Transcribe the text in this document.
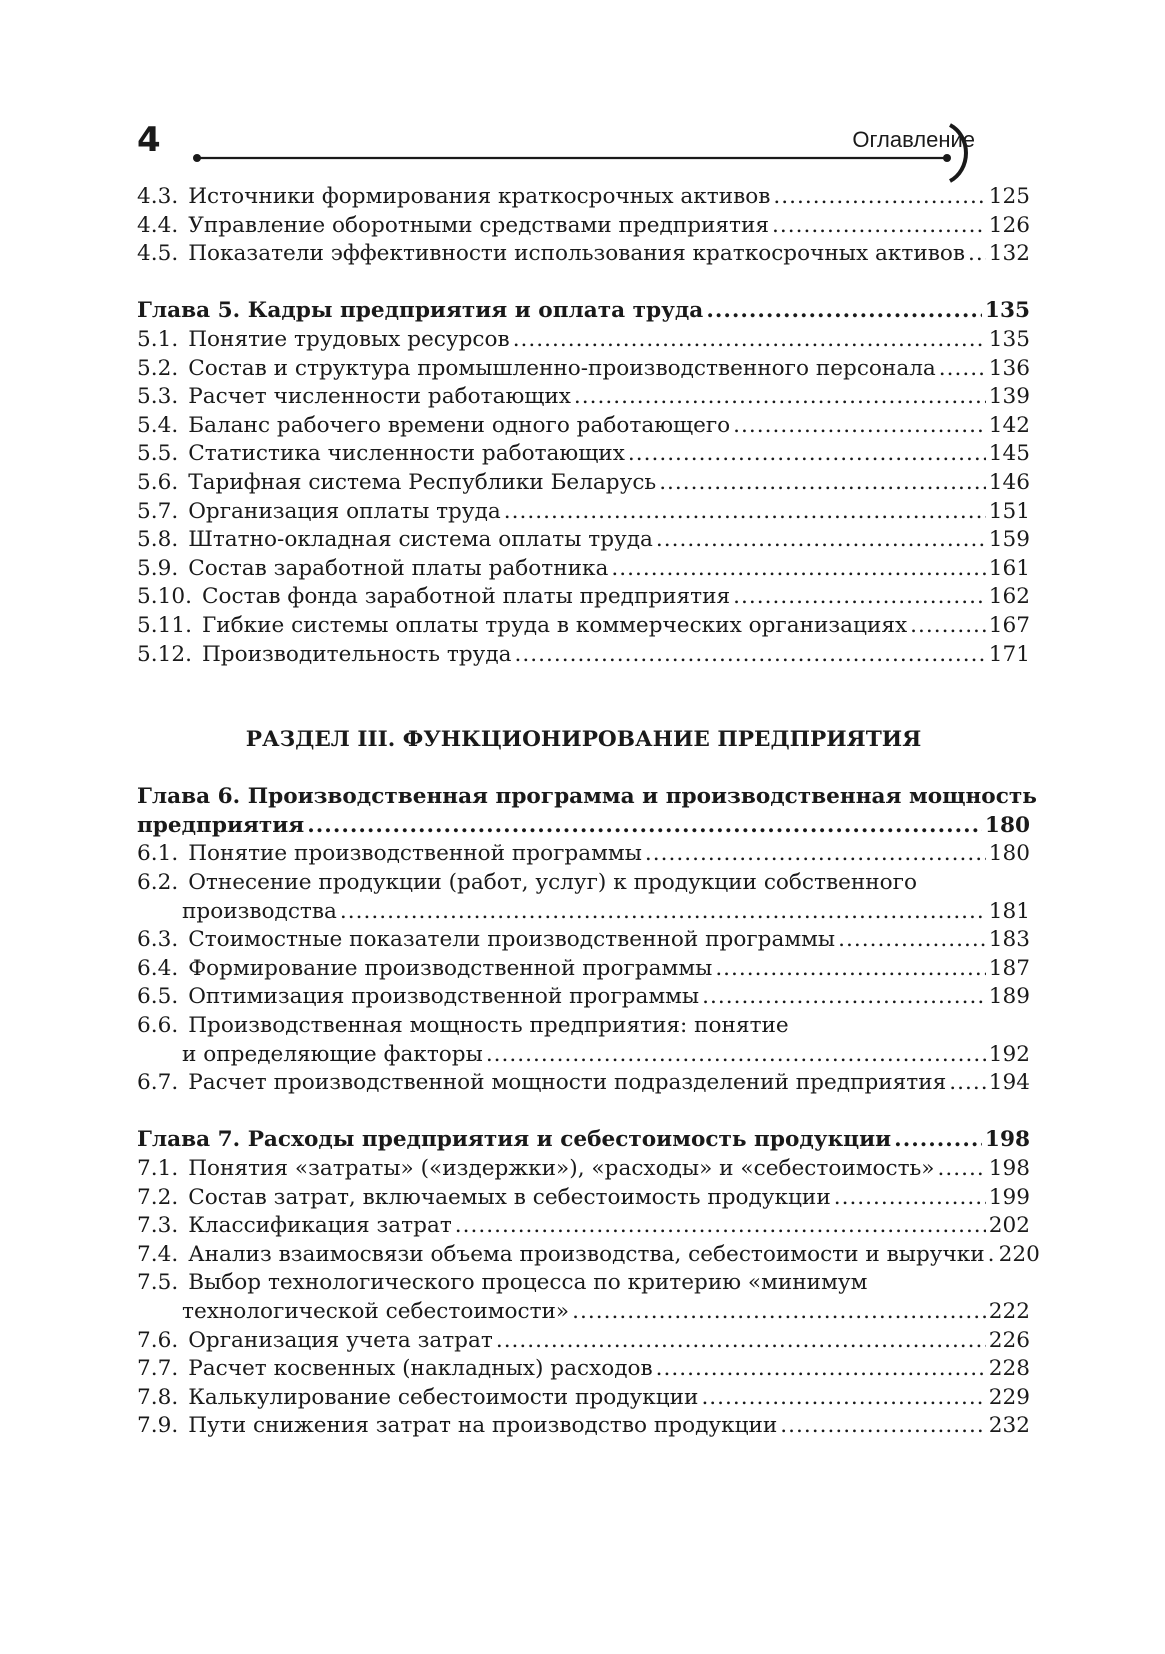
4	Оглавление
4.3. Источники формирования краткосрочных активов .....	125
4.4. Управление оборотными средствами предприятия .....	126
4.5. Показатели эффективности использования краткосрочных активов ..... 132
Глава 5. Кадры предприятия и оплата труда .....	135
5.1. Понятие трудовых ресурсов .....	135
5.2. Состав и структура промышленно-производственного персонала ..... 136
5.3. Расчет численности работающих .....	139
5.4. Баланс рабочего времени одного работающего .....	142
5.5. Статистика численности работающих .....	145
5.6. Тарифная система Республики Беларусь .....	146
5.7. Организация оплаты труда .....	151
5.8. Штатно-окладная система оплаты труда .....	159
5.9. Состав заработной платы работника .....	161
5.10. Состав фонда заработной платы предприятия .....	162
5.11. Гибкие системы оплаты труда в коммерческих организациях .....	167
5.12. Производительность труда .....	171
РАЗДЕЛ III. ФУНКЦИОНИРОВАНИЕ ПРЕДПРИЯТИЯ
Глава 6. Производственная программа и производственная мощность
предприятия .....	180
6.1. Понятие производственной программы .....	180
6.2. Отнесение продукции (работ, услуг) к продукции собственного
производства .....	181
6.3. Стоимостные показатели производственной программы .....	183
6.4. Формирование производственной программы .....	187
6.5. Оптимизация производственной программы .....	189
6.6. Производственная мощность предприятия: понятие
и определяющие факторы .....	192
6.7. Расчет производственной мощности подразделений предприятия ..... 194
Глава 7. Расходы предприятия и себестоимость продукции .....	198
7.1. Понятия «затраты» («издержки»), «расходы» и «себестоимость» .....	198
7.2. Состав затрат, включаемых в себестоимость продукции .....	199
7.3. Классификация затрат .....	202
7.4. Анализ взаимосвязи объема производства, себестоимости и выручки ..... 220
7.5. Выбор технологического процесса по критерию «минимум
технологической себестоимости» .....	222
7.6. Организация учета затрат .....	226
7.7. Расчет косвенных (накладных) расходов .....	228
7.8. Калькулирование себестоимости продукции .....	229
7.9. Пути снижения затрат на производство продукции .....	232
